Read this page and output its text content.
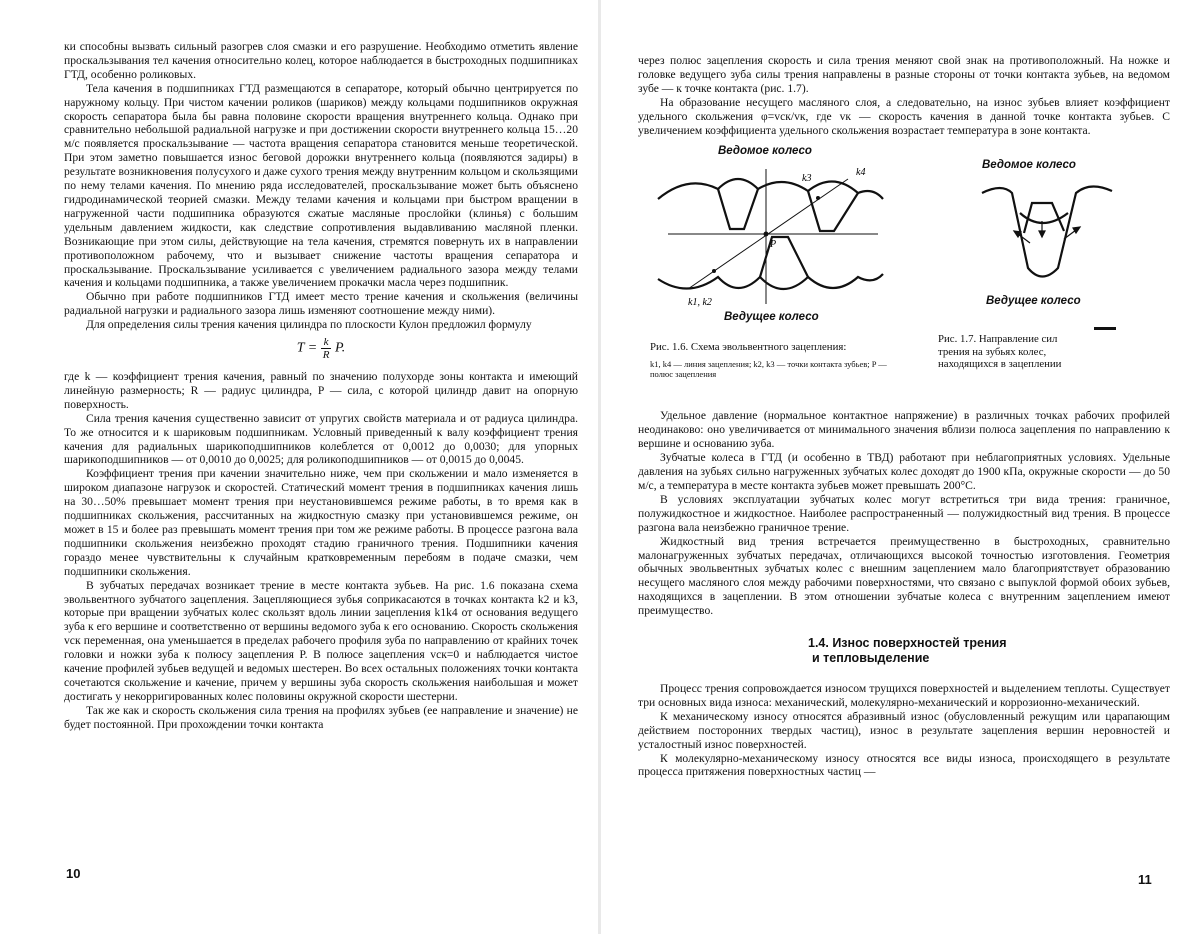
ки способны вызвать сильный разогрев слоя смазки и его разрушение. Необходимо отметить явление проскальзывания тел качения относительно колец, которое наблюдается в быстроходных подшипниках ГТД, особенно роликовых.

Тела качения в подшипниках ГТД размещаются в сепараторе, который обычно центрируется по наружному кольцу. При чистом качении роликов (шариков) между кольцами подшипников окружная скорость сепаратора была бы равна половине скорости вращения внутреннего кольца. Однако при сравнительно небольшой радиальной нагрузке и при достижении скорости внутреннего кольца 15…20 м/с появляется проскальзывание — частота вращения сепаратора становится меньше теоретической. При этом заметно повышается износ беговой дорожки внутреннего кольца (появляются задиры) в результате возникновения полусухого и даже сухого трения между внутренним кольцом и скользящими по нему телами качения. По мнению ряда исследователей, проскальзывание может быть объяснено гидродинамической теорией смазки. Между телами качения и кольцами при быстром вращении в нагруженной части подшипника образуются сжатые масляные прослойки (клинья) с большим удельным давлением жидкости, как следствие сопротивления выдавливанию масляной пленки. Возникающие при этом силы, действующие на тела качения, стремятся повернуть их в направлении противоположном рабочему, что и вызывает снижение частоты вращения сепаратора и проскальзывание. Проскальзывание усиливается с увеличением радиального зазора между телами качения и кольцами подшипника, а также увеличением прокачки масла через подшипник.

Обычно при работе подшипников ГТД имеет место трение качения и скольжения (величины радиальной нагрузки и радиального зазора лишь изменяют соотношение между ними).

Для определения силы трения качения цилиндра по плоскости Кулон предложил формулу

$T = \frac{k}{R} P$.

где k — коэффициент трения качения, равный по значению полухорде зоны контакта и имеющий линейную размерность; R — радиус цилиндра, P — сила, с которой цилиндр давит на опорную поверхность.

Сила трения качения существенно зависит от упругих свойств материала и от радиуса цилиндра. То же относится и к шариковым подшипникам. Условный приведенный к валу коэффициент трения качения для радиальных шарикоподшипников колеблется от 0,0012 до 0,0030; для упорных шарикоподшипников — от 0,0010 до 0,0025; для роликоподшипников — от 0,0015 до 0,0045.

Коэффициент трения при качении значительно ниже, чем при скольжении и мало изменяется в широком диапазоне нагрузок и скоростей. Статический момент трения в подшипниках качения лишь на 30…50% превышает момент трения при неустановившемся режиме работы, в то время как в подшипниках скольжения, рассчитанных на жидкостную смазку при установившемся режиме, он может в 15 и более раз превышать момент трения при том же режиме работы. В процессе разгона вала подшипники скольжения неизбежно проходят стадию граничного трения. Подшипники качения гораздо менее чувствительны к случайным кратковременным перебоям в подаче смазки, чем подшипники скольжения.

В зубчатых передачах возникает трение в месте контакта зубьев. На рис. 1.6 показана схема эвольвентного зубчатого зацепления. Зацепляющиеся зубья соприкасаются в точках контакта k2 и k3, которые при вращении зубчатых колес скользят вдоль линии зацепления k1k4 от основания ведущего зуба к его вершине и соответственно от вершины ведомого зуба к его основанию. Скорость скольжения vск переменная, она уменьшается в пределах рабочего профиля зуба по направлению от крайних точек головки и ножки зуба к полюсу зацепления P. В полюсе зацепления vск=0 и наблюдается чистое качение профилей зубьев ведущей и ведомых шестерен. Во всех остальных положениях точки контакта сочетаются скольжение и качение, причем у вершины зуба скорость скольжения наибольшая и может достигать у некорригированных колес половины окружной скорости шестерни.

Так же как и скорость скольжения сила трения на профилях зубьев (ее направление и значение) не будет постоянной. При прохождении точки контакта

10

через полюс зацепления скорость и сила трения меняют свой знак на противоположный. На ножке и головке ведущего зуба силы трения направлены в разные стороны от точки контакта зубьев, на ведомом зубе — к точке контакта (рис. 1.7).

На образование несущего масляного слоя, а следовательно, на износ зубьев влияет коэффициент удельного скольжения φ=vск/vк, где vк — скорость качения в данной точке контакта зубьев. С увеличением коэффициента удельного скольжения возрастает температура в зоне контакта.

Ведомое колесо
k3
k4
k1, k2
P
Ведущее колесо
Рис. 1.6. Схема эвольвентного зацепления:
k1, k4 — линия зацепления; k2, k3 — точки контакта зубьев; P — полюс зацепления
Ведомое колесо
Ведущее колесо
Рис. 1.7. Направление сил трения на зубьях колес, находящихся в зацеплении

Удельное давление (нормальное контактное напряжение) в различных точках рабочих профилей неодинаково: оно увеличивается от минимального значения вблизи полюса зацепления по направлению к вершине и основанию зуба.

Зубчатые колеса в ГТД (и особенно в ТВД) работают при неблагоприятных условиях. Удельные давления на зубьях сильно нагруженных зубчатых колес доходят до 1900 кПа, окружные скорости — до 50 м/с, а температура в месте контакта зубьев может превышать 200°С.

В условиях эксплуатации зубчатых колес могут встретиться три вида трения: граничное, полужидкостное и жидкостное. Наиболее распространенный — полужидкостный вид трения. В процессе разгона вала неизбежно граничное трение.

Жидкостный вид трения встречается преимущественно в быстроходных, сравнительно малонагруженных зубчатых передачах, отличающихся высокой точностью изготовления. Геометрия обычных эвольвентных зубчатых колес с внешним зацеплением мало благоприятствует образованию несущего масляного слоя между рабочими поверхностями, что связано с выпуклой формой обоих зубьев, находящихся в зацеплении. В этом отношении зубчатые колеса с внутренним зацеплением имеют преимущество.

1.4. Износ поверхностей трения
и тепловыделение

Процесс трения сопровождается износом трущихся поверхностей и выделением теплоты. Существует три основных вида износа: механический, молекулярно-механический и коррозионно-механический.

К механическому износу относятся абразивный износ (обусловленный режущим или царапающим действием посторонних твердых частиц), износ в результате зацепления вершин неровностей и усталостный износ поверхностей.

К молекулярно-механическому износу относятся все виды износа, происходящего в результате процесса притяжения поверхностных частиц —

11
